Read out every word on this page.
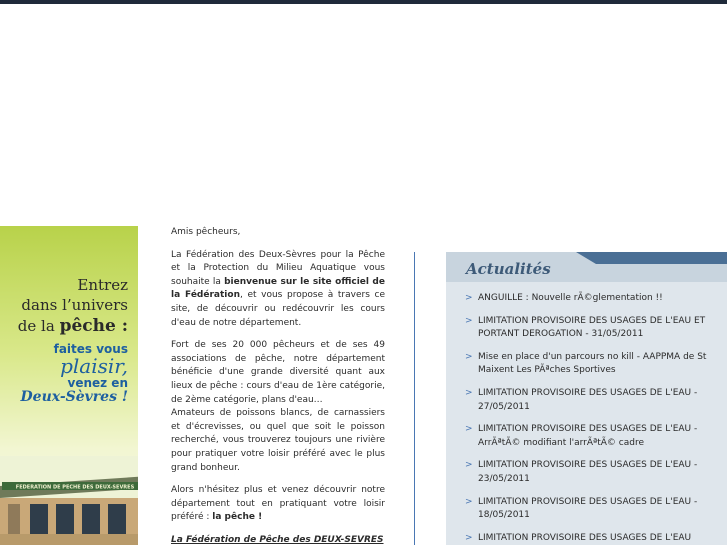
Entrez
dans l’univers
de la pêche :
faites vous
plaisir,
venez en
Deux-Sèvres !
FEDERATION DE PECHE DES DEUX-SEVRES

Amis pêcheurs,

La Fédération des Deux-Sèvres pour la Pêche et la Protection du Milieu Aquatique vous souhaite la bienvenue sur le site officiel de la Fédération, et vous propose à travers ce site, de découvrir ou redécouvrir les cours d'eau de notre département.

Fort de ses 20 000 pêcheurs et de ses 49 associations de pêche, notre département bénéficie d'une grande diversité quant aux lieux de pêche : cours d'eau de 1ère catégorie, de 2ème catégorie, plans d'eau…
Amateurs de poissons blancs, de carnassiers et d'écrevisses, ou quel que soit le poisson recherché, vous trouverez toujours une rivière pour pratiquer votre loisir préféré avec le plus grand bonheur.

Alors n'hésitez plus et venez découvrir notre département tout en pratiquant votre loisir préféré : la pêche !

La Fédération de Pêche des DEUX-SEVRES

Actualités
> ANGUILLE : Nouvelle rÃ©glementation !!
> LIMITATION PROVISOIRE DES USAGES DE L'EAU ET PORTANT DEROGATION - 31/05/2011
> Mise en place d'un parcours no kill - AAPPMA de St Maixent Les PÃªches Sportives
> LIMITATION PROVISOIRE DES USAGES DE L'EAU - 27/05/2011
> LIMITATION PROVISOIRE DES USAGES DE L'EAU - ArrÃªtÃ© modifiant l'arrÃªtÃ© cadre
> LIMITATION PROVISOIRE DES USAGES DE L'EAU - 23/05/2011
> LIMITATION PROVISOIRE DES USAGES DE L'EAU - 18/05/2011
> LIMITATION PROVISOIRE DES USAGES DE L'EAU
